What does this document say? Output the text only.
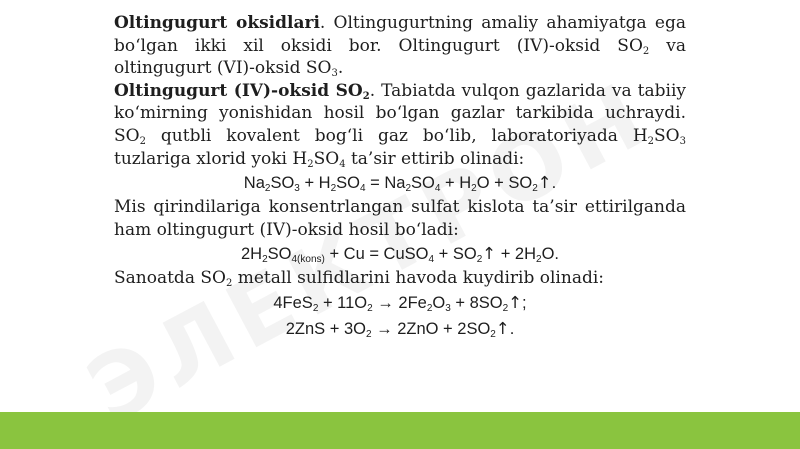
Oltingugurt oksidlari. Oltingugurtning amaliy ahamiyatga ega bo‘lgan ikki xil oksidi bor. Oltingugurt (IV)-oksid $SO_2$ va oltingugurt (VI)-oksid $SO_3$.

Oltingugurt (IV)-oksid $SO_2$. Tabiatda vulqon gazlarida va tabiiy ko‘mirning yonishidan hosil bo‘lgan gazlar tarkibida uchraydi. $SO_2$ qutbli kovalent bog‘li gaz bo‘lib, laboratoriyada $H_2SO_3$ tuzlariga xlorid yoki $H_2SO_4$ ta’sir ettirib olinadi:

$Na_2SO_3 + H_2SO_4 = Na_2SO_4 + H_2O$ + $SO_2↑$.

Mis qirindilariga konsentrlangan sulfat kislota ta’sir ettirilganda ham oltingugurt (IV)-oksid hosil bo‘ladi:

$2H_2SO_{4(kons)} + Cu$ = CuSO$_4$ + $SO_2↑ + 2H_2O$.

Sanoatda $SO_2$ metall sulfidlarini havoda kuydirib olinadi:

$4FeS_2 + 11O_2 \to 2Fe_2O_3$ + $8SO_2↑$;
$2ZnS + 3O_2 \to 2ZnO$ + $2SO_2↑$.
